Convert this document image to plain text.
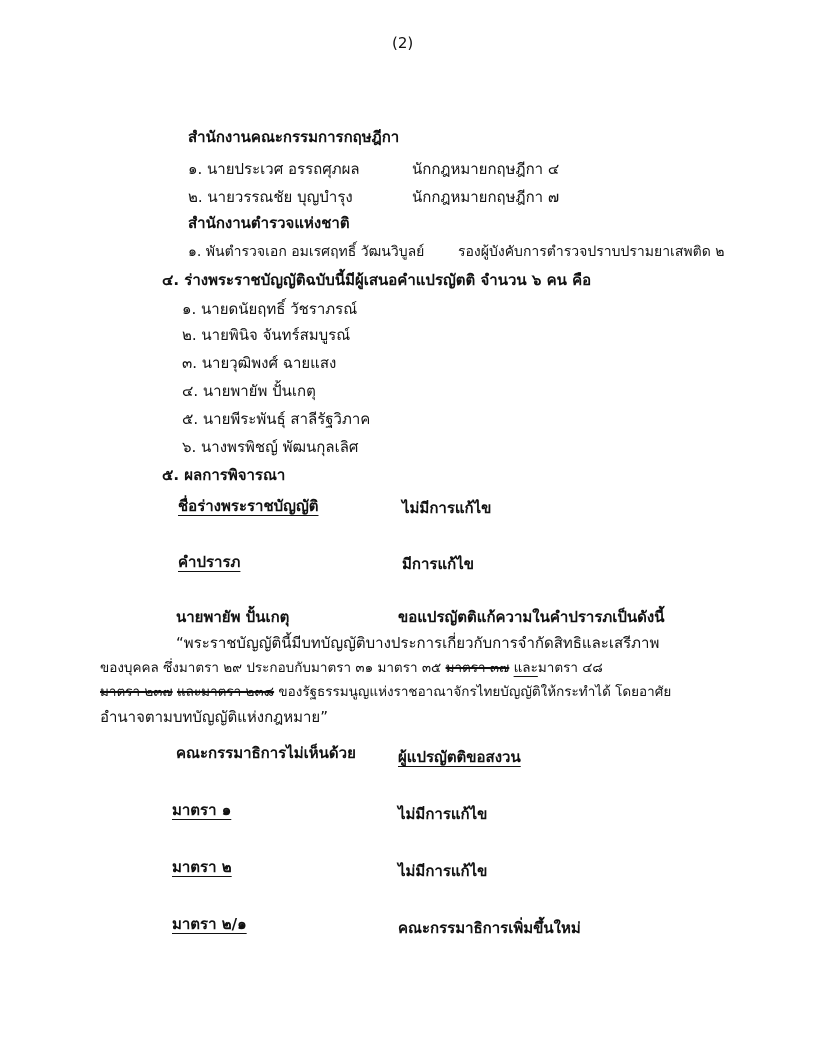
(2)
สำนักงานคณะกรรมการกฤษฎีกา
๑. นายประเวศ อรรถศุภผล	นักกฎหมายกฤษฎีกา ๔
๒. นายวรรณชัย บุญบำรุง	นักกฎหมายกฤษฎีกา ๗
สำนักงานตำรวจแห่งชาติ
๑. พันตำรวจเอก อมเรศฤทธิ์ วัฒนวิบูลย์ รองผู้บังคับการตำรวจปราบปรามยาเสพติด ๒
๔. ร่างพระราชบัญญัติฉบับนี้มีผู้เสนอคำแปรญัตติ จำนวน ๖ คน คือ
๑. นายดนัยฤทธิ์ วัชราภรณ์
๒. นายพินิจ จันทร์สมบูรณ์
๓. นายวุฒิพงศ์ ฉายแสง
๔. นายพายัพ ปั้นเกตุ
๕. นายพีระพันธุ์ สาลีรัฐวิภาค
๖. นางพรพิชญ์ พัฒนกุลเลิศ
๕. ผลการพิจารณา
ชื่อร่างพระราชบัญญัติ	ไม่มีการแก้ไข
คำปรารภ	มีการแก้ไข
นายพายัพ ปั้นเกตุ	ขอแปรญัตติแก้ความในคำปรารภเป็นดังนี้
“พระราชบัญญัตินี้มีบทบัญญัติบางประการเกี่ยวกับการจำกัดสิทธิและเสรีภาพ
ของบุคคล ซึ่งมาตรา ๒๙ ประกอบกับมาตรา ๓๑ มาตรา ๓๕ มาตรา ๓๗ และมาตรา ๔๘
มาตรา ๒๓๗ และมาตรา ๒๓๘ ของรัฐธรรมนูญแห่งราชอาณาจักรไทยบัญญัติให้กระทำได้ โดยอาศัย
อำนาจตามบทบัญญัติแห่งกฎหมาย”
คณะกรรมาธิการไม่เห็นด้วย	ผู้แปรญัตติขอสงวน
มาตรา ๑	ไม่มีการแก้ไข
มาตรา ๒	ไม่มีการแก้ไข
มาตรา ๒/๑	คณะกรรมาธิการเพิ่มขึ้นใหม่
